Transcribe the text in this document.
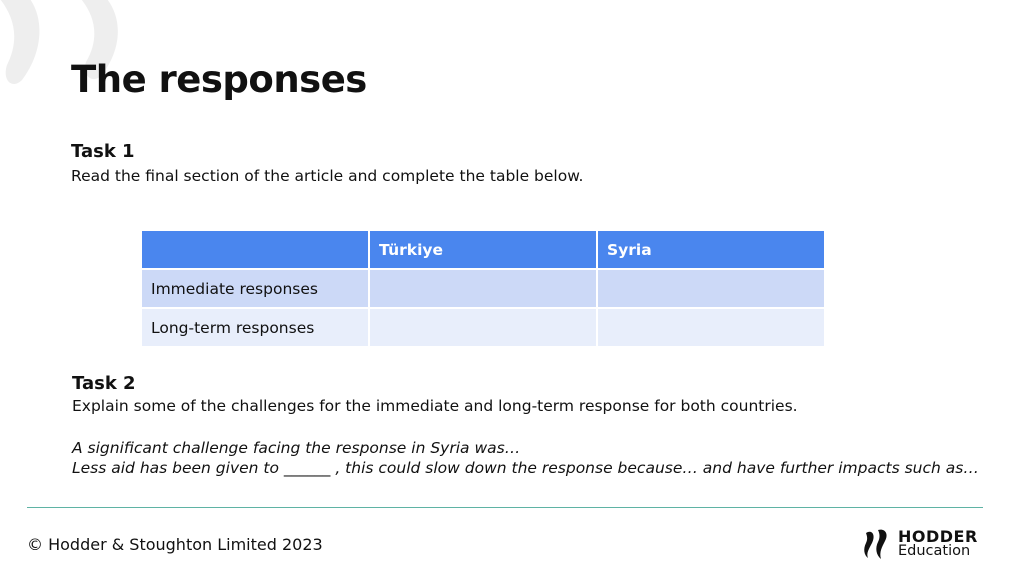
The responses

Task 1

Read the final section of the article and complete the table below.

	Türkiye	Syria
Immediate responses		
Long-term responses		

Task 2

Explain some of the challenges for the immediate and long-term response for both countries.

A significant challenge facing the response in Syria was…
Less aid has been given to ______ , this could slow down the response because… and have further impacts such as…

© Hodder & Stoughton Limited 2023	HODDER
Education
